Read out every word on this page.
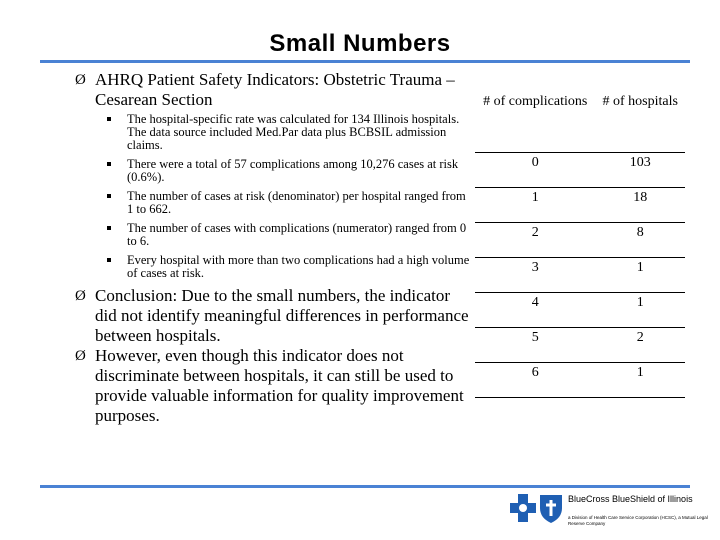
Small Numbers
Ø AHRQ Patient Safety Indicators: Obstetric Trauma – Cesarean Section
The hospital-specific rate was calculated for 134 Illinois hospitals. The data source included Med.Par data plus BCBSIL admission claims.
There were a total of 57 complications among 10,276 cases at risk (0.6%).
The number of cases at risk (denominator) per hospital ranged from 1 to 662.
The number of cases with complications (numerator) ranged from 0 to 6.
Every hospital with more than two complications had a high volume of cases at risk.
Ø Conclusion: Due to the small numbers, the indicator did not identify meaningful differences in performance between hospitals.
Ø However, even though this indicator does not discriminate between hospitals, it can still be used to provide valuable information for quality improvement purposes.
# of complications	# of hospitals
0	103
1	18
2	8
3	1
4	1
5	2
6	1
BlueCross BlueShield of Illinois
a Division of Health Care Service Corporation (HCSC), a Mutual Legal Reserve Company
